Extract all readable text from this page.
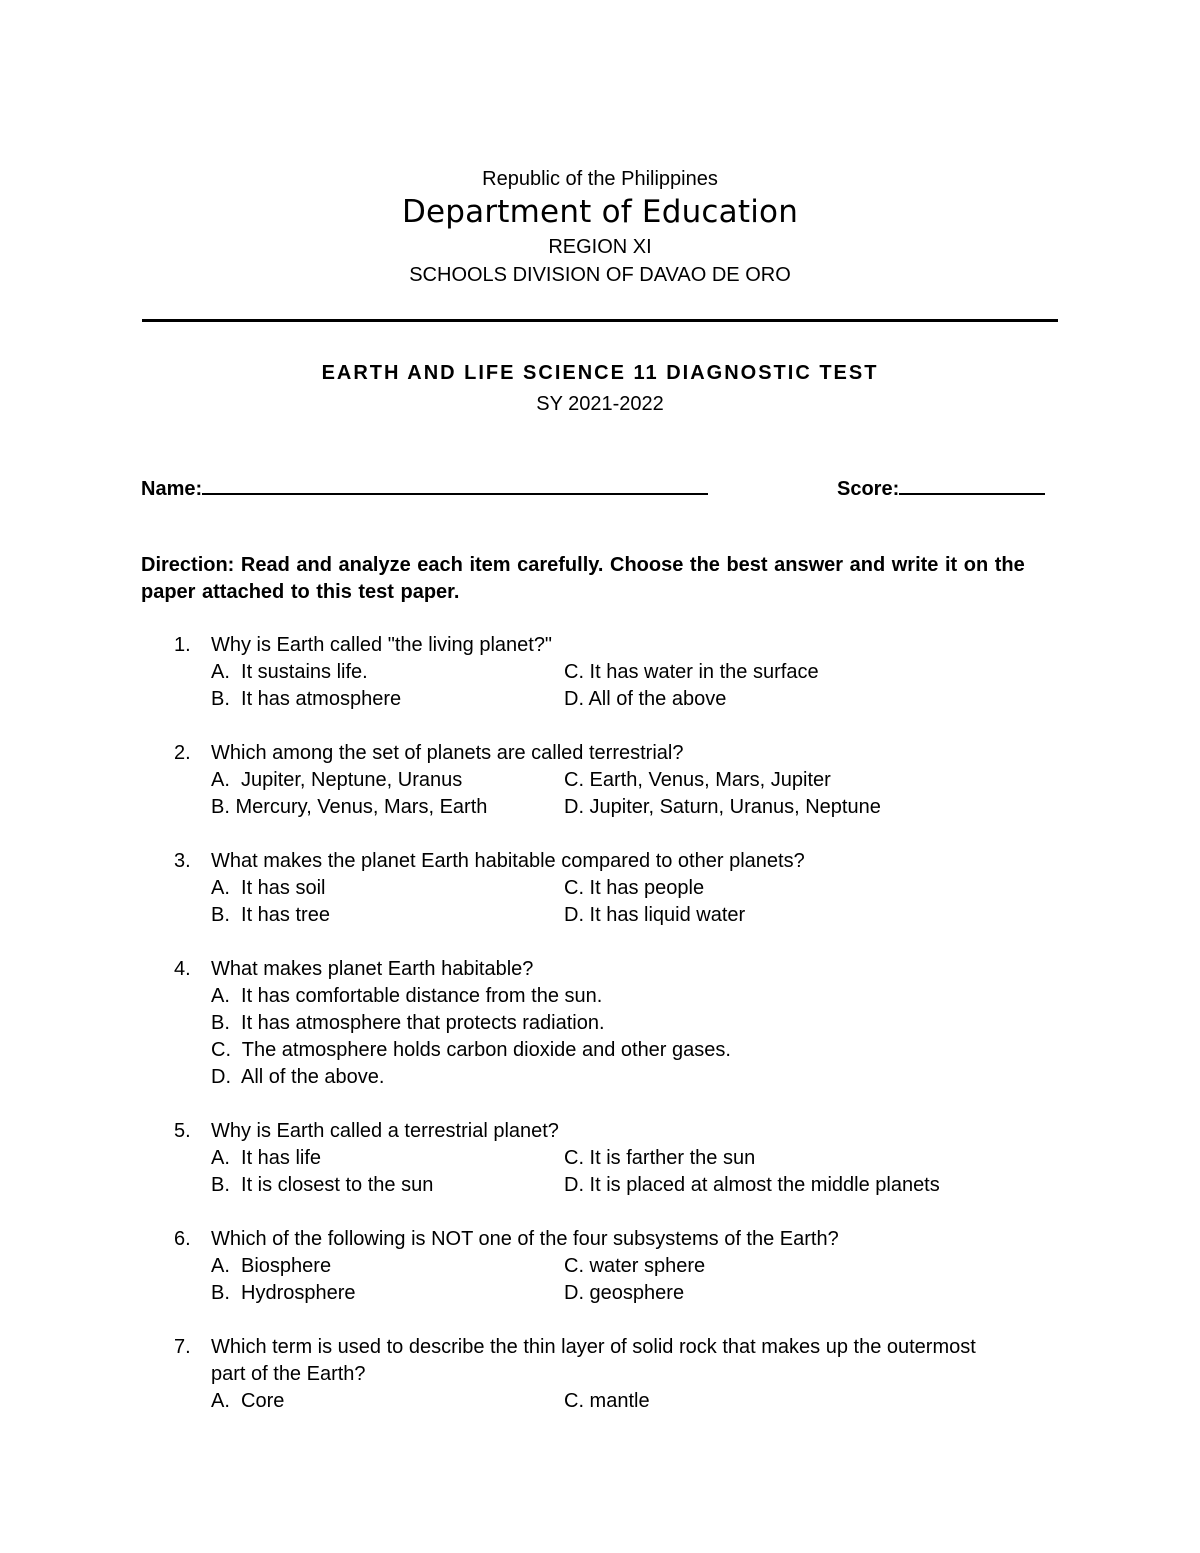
Republic of the Philippines
Department of Education
REGION XI
SCHOOLS DIVISION OF DAVAO DE ORO
EARTH AND LIFE SCIENCE 11 DIAGNOSTIC TEST
SY 2021-2022
Name:	Score:
Direction: Read and analyze each item carefully. Choose the best answer and write it on the paper attached to this test paper.
1. Why is Earth called "the living planet?"
A.  It sustains life.	C. It has water in the surface
B.  It has atmosphere	D. All of the above
2. Which among the set of planets are called terrestrial?
A.  Jupiter, Neptune, Uranus	C. Earth, Venus, Mars, Jupiter
B. Mercury, Venus, Mars, Earth	D. Jupiter, Saturn, Uranus, Neptune
3. What makes the planet Earth habitable compared to other planets?
A.  It has soil	C. It has people
B.  It has tree	D. It has liquid water
4. What makes planet Earth habitable?
A.  It has comfortable distance from the sun.
B.  It has atmosphere that protects radiation.
C.  The atmosphere holds carbon dioxide and other gases.
D.  All of the above.
5. Why is Earth called a terrestrial planet?
A.  It has life	C. It is farther the sun
B.  It is closest to the sun	D. It is placed at almost the middle planets
6. Which of the following is NOT one of the four subsystems of the Earth?
A.  Biosphere	C. water sphere
B.  Hydrosphere	D. geosphere
7. Which term is used to describe the thin layer of solid rock that makes up the outermost
part of the Earth?
A.  Core	C. mantle
